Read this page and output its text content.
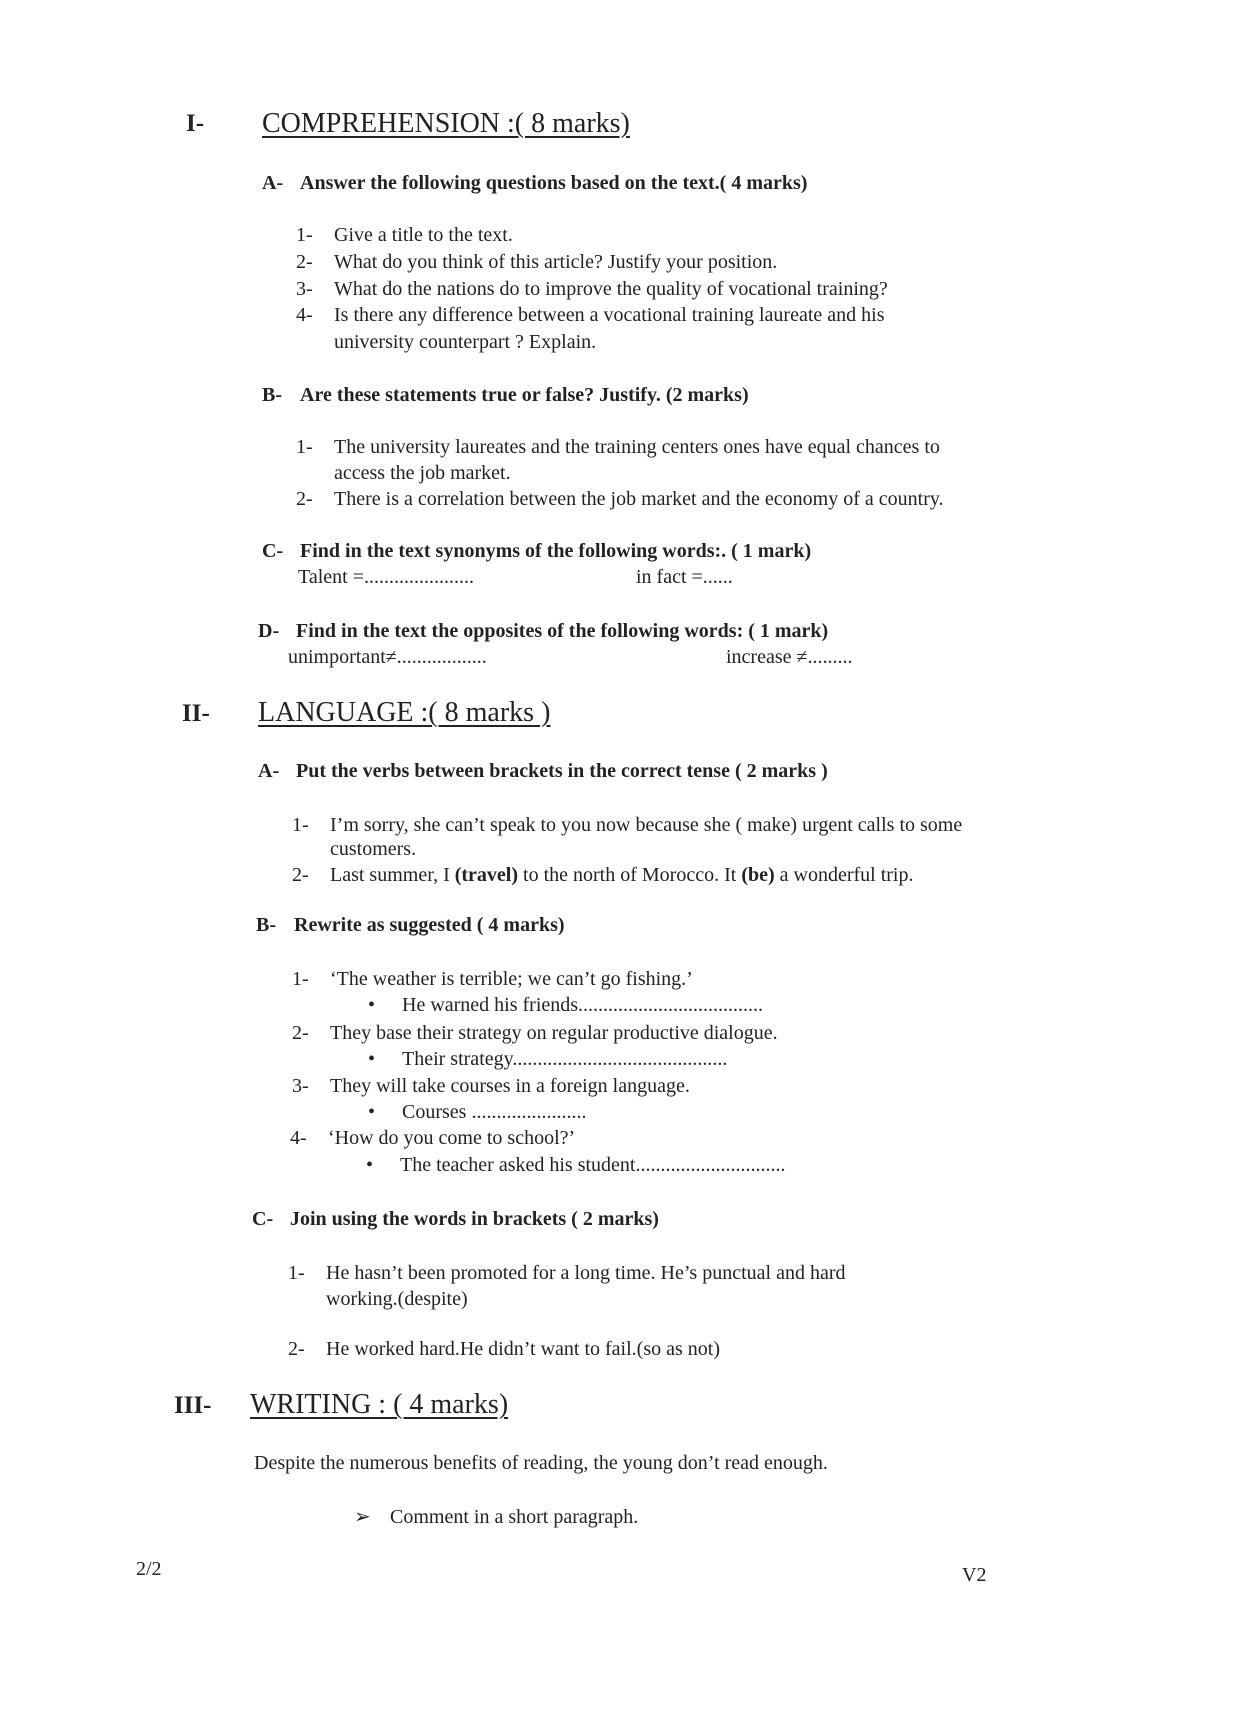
I- COMPREHENSION :( 8 marks)
A- Answer the following questions based on the text.( 4 marks)
1- Give a title to the text.
2- What do you think of this article? Justify your position.
3- What do the nations do to improve the quality of vocational training?
4- Is there any difference between a vocational training laureate and his
university counterpart ? Explain.
B- Are these statements true or false? Justify. (2 marks)
1- The university laureates and the training centers ones have equal chances to
access the job market.
2- There is a correlation between the job market and the economy of a country.
C- Find in the text synonyms of the following words:. ( 1 mark)
Talent =......................	in fact =......
D- Find in the text the opposites of the following words: ( 1 mark)
unimportant≠..................	increase ≠.........
II- LANGUAGE :( 8 marks )
A- Put the verbs between brackets in the correct tense ( 2 marks )
1- I’m sorry, she can’t speak to you now because she ( make) urgent calls to some
customers.
2- Last summer, I (travel) to the north of Morocco. It (be) a wonderful trip.
B- Rewrite as suggested ( 4 marks)
1- ‘The weather is terrible; we can’t go fishing.’
• He warned his friends.....................................
2- They base their strategy on regular productive dialogue.
• Their strategy...........................................
3- They will take courses in a foreign language.
• Courses .......................
4- ‘How do you come to school?’
• The teacher asked his student..............................
C- Join using the words in brackets ( 2 marks)
1- He hasn’t been promoted for a long time. He’s punctual and hard
working.(despite)
2- He worked hard.He didn’t want to fail.(so as not)
III- WRITING : ( 4 marks)
Despite the numerous benefits of reading, the young don’t read enough.
➢ Comment in a short paragraph.
2/2	V2
